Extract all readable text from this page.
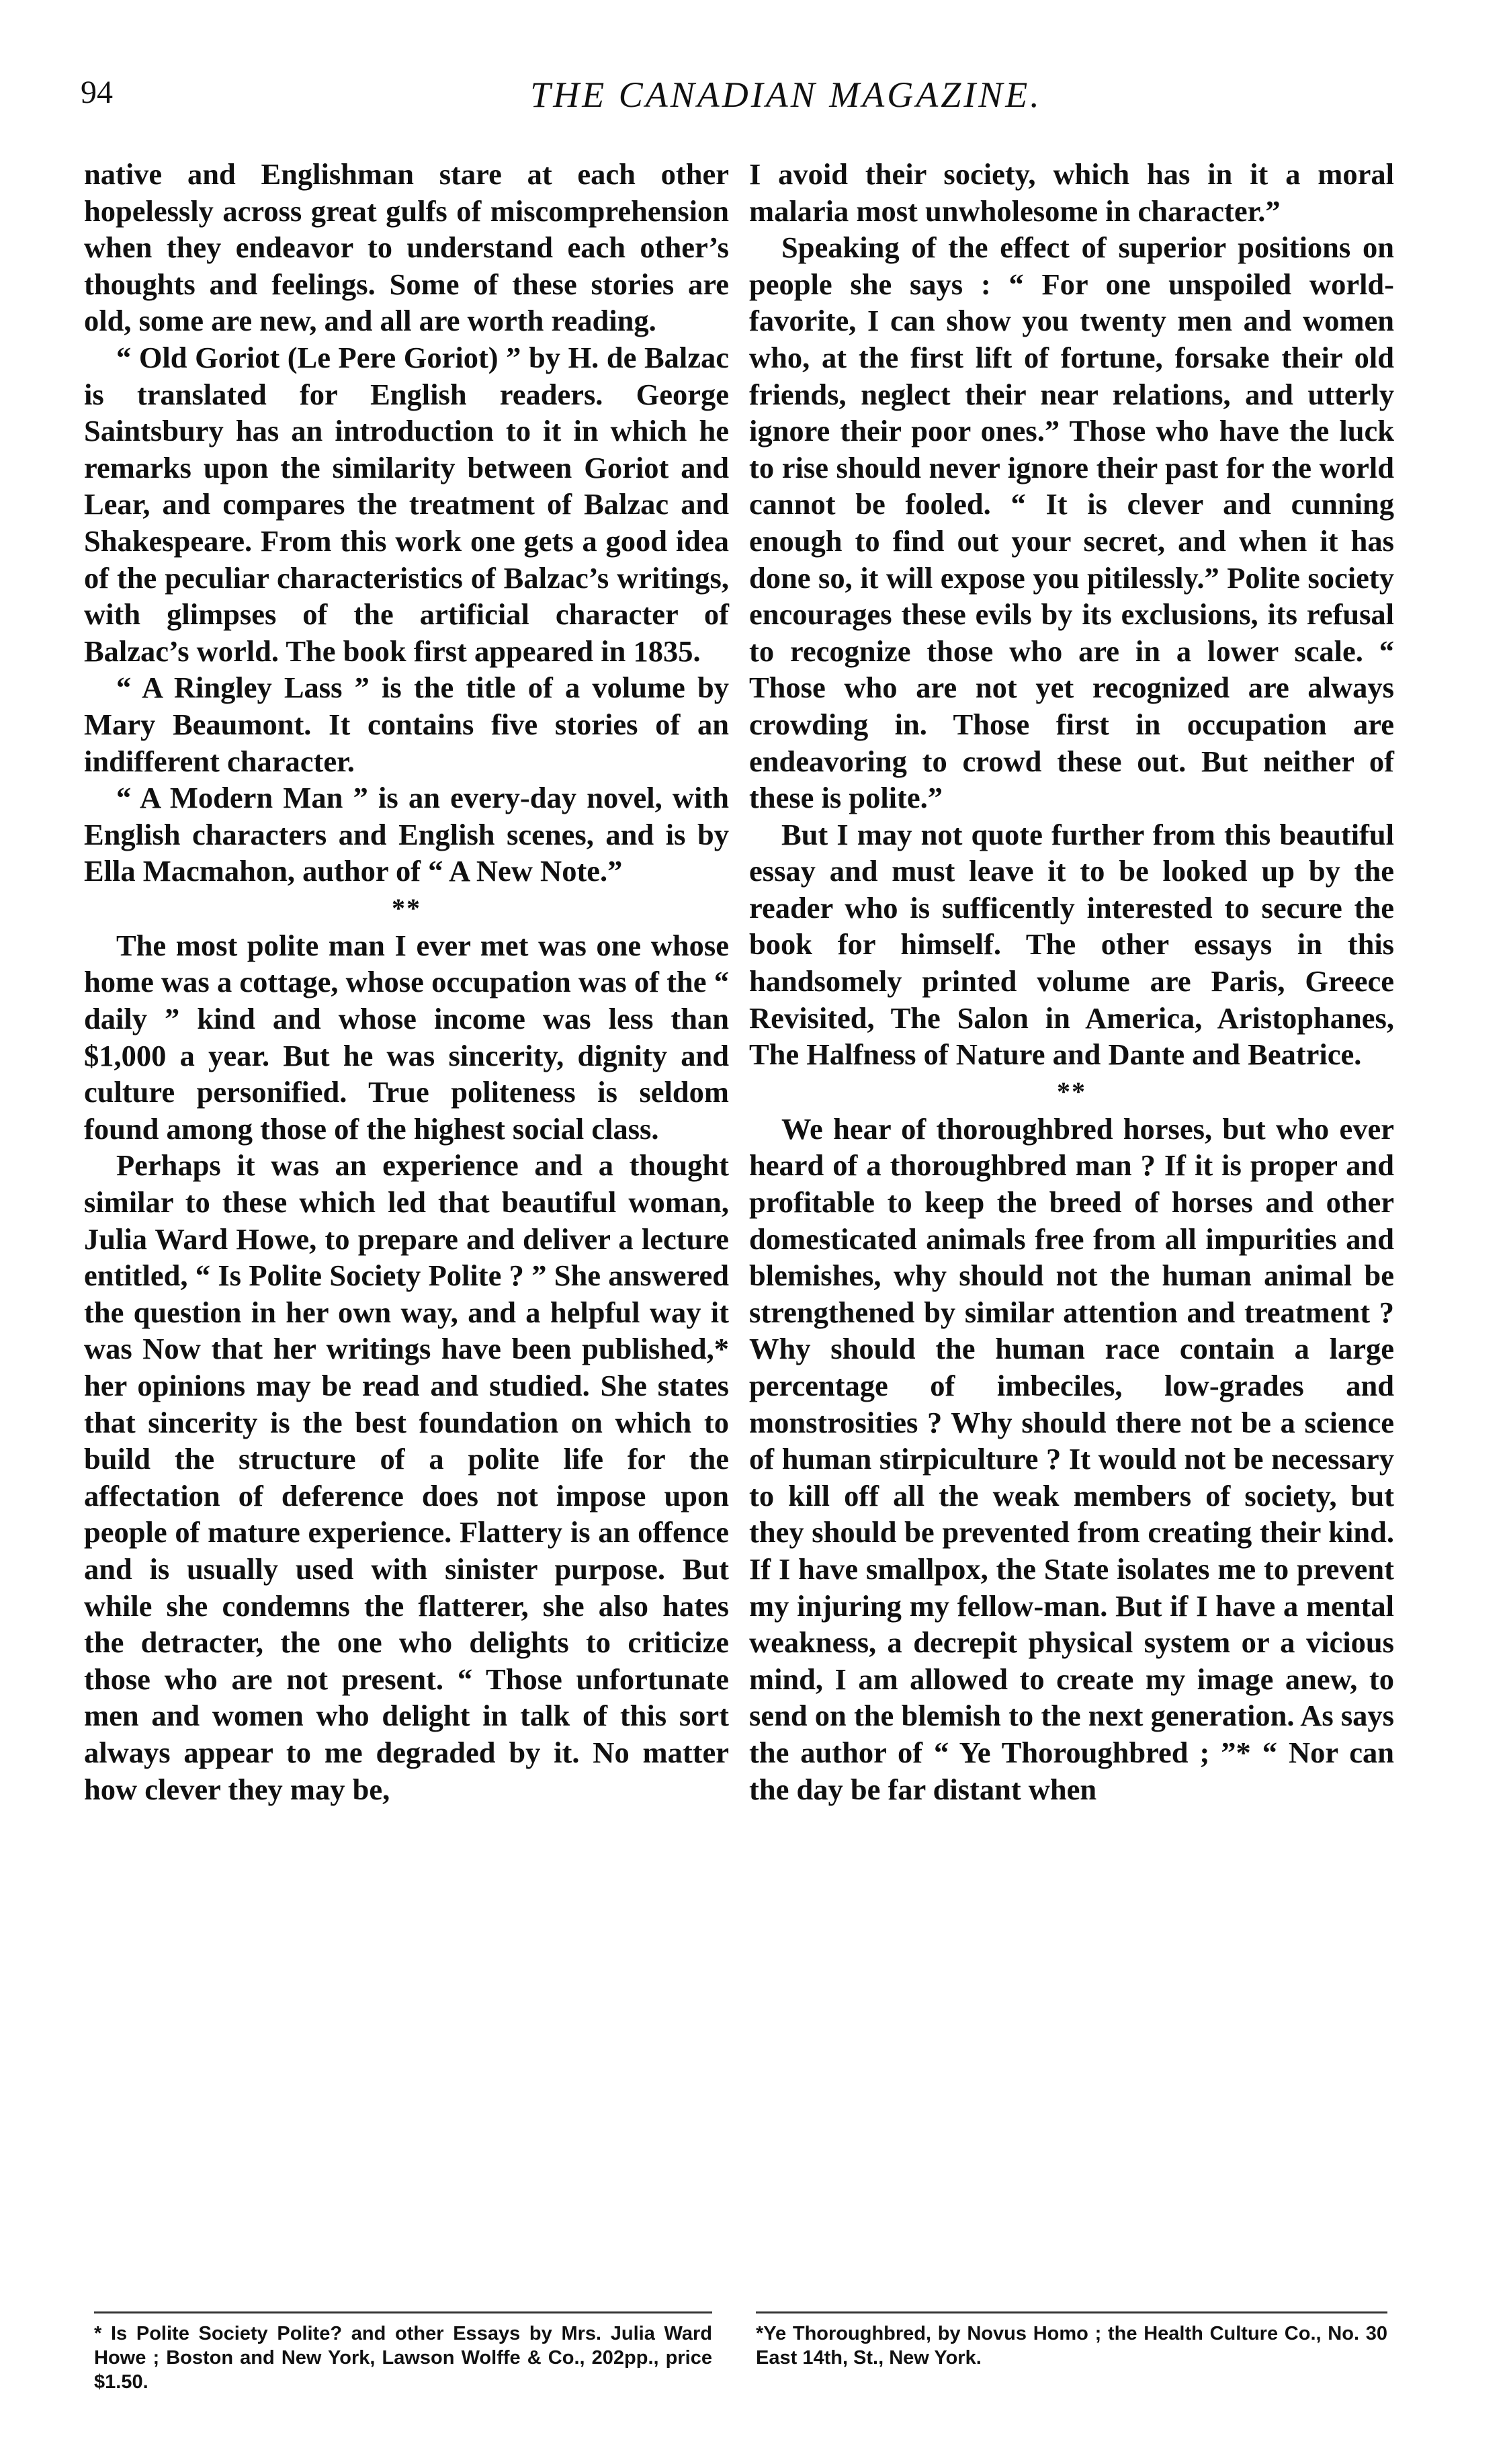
94	THE CANADIAN MAGAZINE.

native and Englishman stare at each other hopelessly across great gulfs of miscomprehension when they endeavor to understand each other’s thoughts and feelings. Some of these stories are old, some are new, and all are worth reading.

“ Old Goriot (Le Pere Goriot) ” by H. de Balzac is translated for English readers. George Saintsbury has an introduction to it in which he remarks upon the similarity between Goriot and Lear, and compares the treatment of Balzac and Shakespeare. From this work one gets a good idea of the peculiar characteristics of Balzac’s writings, with glimpses of the artificial character of Balzac’s world. The book first appeared in 1835.

“ A Ringley Lass ” is the title of a volume by Mary Beaumont. It contains five stories of an indifferent character.

“ A Modern Man ” is an every-day novel, with English characters and English scenes, and is by Ella Macmahon, author of “ A New Note.”

**

The most polite man I ever met was one whose home was a cottage, whose occupation was of the “ daily ” kind and whose income was less than $1,000 a year. But he was sincerity, dignity and culture personified. True politeness is seldom found among those of the highest social class.

Perhaps it was an experience and a thought similar to these which led that beautiful woman, Julia Ward Howe, to prepare and deliver a lecture entitled, “ Is Polite Society Polite ? ” She answered the question in her own way, and a helpful way it was Now that her writings have been published,* her opinions may be read and studied. She states that sincerity is the best foundation on which to build the structure of a polite life for the affectation of deference does not impose upon people of mature experience. Flattery is an offence and is usually used with sinister purpose. But while she condemns the flatterer, she also hates the detracter, the one who delights to criticize those who are not present. “ Those unfortunate men and women who delight in talk of this sort always appear to me degraded by it. No matter how clever they may be,

I avoid their society, which has in it a moral malaria most unwholesome in character.”

Speaking of the effect of superior positions on people she says : “ For one unspoiled world-favorite, I can show you twenty men and women who, at the first lift of fortune, forsake their old friends, neglect their near relations, and utterly ignore their poor ones.” Those who have the luck to rise should never ignore their past for the world cannot be fooled. “ It is clever and cunning enough to find out your secret, and when it has done so, it will expose you pitilessly.” Polite society encourages these evils by its exclusions, its refusal to recognize those who are in a lower scale. “ Those who are not yet recognized are always crowding in. Those first in occupation are endeavoring to crowd these out. But neither of these is polite.”

But I may not quote further from this beautiful essay and must leave it to be looked up by the reader who is sufficently interested to secure the book for himself. The other essays in this handsomely printed volume are Paris, Greece Revisited, The Salon in America, Aristophanes, The Halfness of Nature and Dante and Beatrice.

**

We hear of thoroughbred horses, but who ever heard of a thoroughbred man ? If it is proper and profitable to keep the breed of horses and other domesticated animals free from all impurities and blemishes, why should not the human animal be strengthened by similar attention and treatment ? Why should the human race contain a large percentage of imbeciles, low-grades and monstrosities ? Why should there not be a science of human stirpiculture ? It would not be necessary to kill off all the weak members of society, but they should be prevented from creating their kind. If I have smallpox, the State isolates me to prevent my injuring my fellow-man. But if I have a mental weakness, a decrepit physical system or a vicious mind, I am allowed to create my image anew, to send on the blemish to the next generation. As says the author of “ Ye Thoroughbred ; ”* “ Nor can the day be far distant when

* Is Polite Society Polite? and other Essays by Mrs. Julia Ward Howe ; Boston and New York, Lawson Wolffe & Co., 202pp., price $1.50.
*Ye Thoroughbred, by Novus Homo ; the Health Culture Co., No. 30 East 14th, St., New York.
